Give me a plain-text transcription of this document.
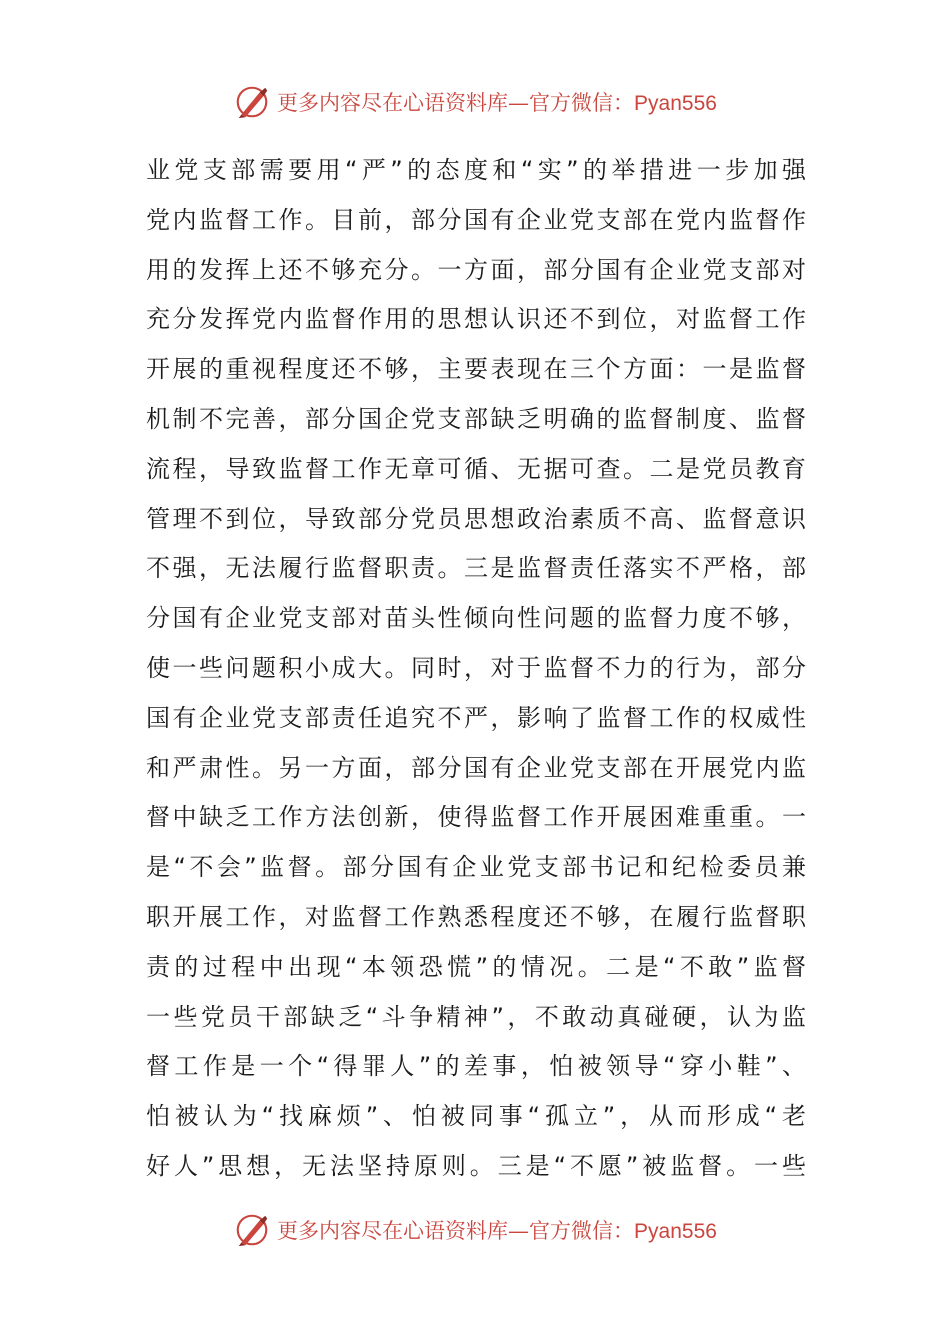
更多内容尽在心语资料库—官方微信：Pyan556
业党支部需要用“严”的态度和“实”的举措进一步加强
党内监督工作。目前，部分国有企业党支部在党内监督作
用的发挥上还不够充分。一方面，部分国有企业党支部对
充分发挥党内监督作用的思想认识还不到位，对监督工作
开展的重视程度还不够，主要表现在三个方面：一是监督
机制不完善，部分国企党支部缺乏明确的监督制度、监督
流程，导致监督工作无章可循、无据可查。二是党员教育
管理不到位，导致部分党员思想政治素质不高、监督意识
不强，无法履行监督职责。三是监督责任落实不严格，部
分国有企业党支部对苗头性倾向性问题的监督力度不够，
使一些问题积小成大。同时，对于监督不力的行为，部分
国有企业党支部责任追究不严，影响了监督工作的权威性
和严肃性。另一方面，部分国有企业党支部在开展党内监
督中缺乏工作方法创新，使得监督工作开展困难重重。一
是“不会”监督。部分国有企业党支部书记和纪检委员兼
职开展工作，对监督工作熟悉程度还不够，在履行监督职
责的过程中出现“本领恐慌”的情况。二是“不敢”监督
一些党员干部缺乏“斗争精神”，不敢动真碰硬，认为监
督工作是一个“得罪人”的差事，怕被领导“穿小鞋”、
怕被认为“找麻烦”、怕被同事“孤立”，从而形成“老
好人”思想，无法坚持原则。三是“不愿”被监督。一些
更多内容尽在心语资料库—官方微信：Pyan556
